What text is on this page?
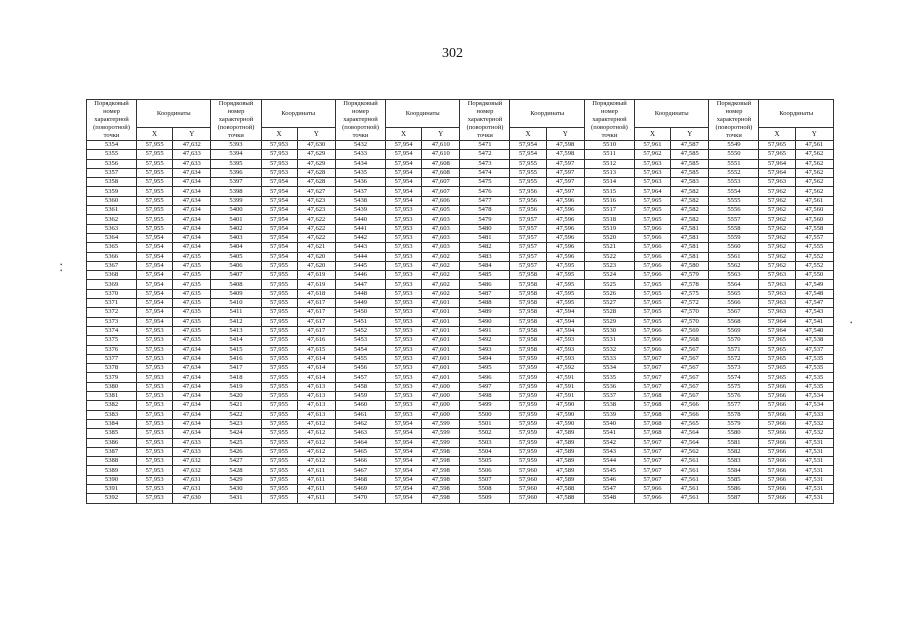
302
Порядковый номер характерной (поворотной) точки	Координаты		Порядковый номер характерной (поворотной) точки	Координаты		Порядковый номер характерной (поворотной) точки	Координаты		Порядковый номер характерной (поворотной) точки	Координаты		Порядковый номер характерной (поворотной) точки	Координаты		Порядковый номер характерной (поворотной) точки	Координаты	
	X	Y		X	Y		X	Y		X	Y		X	Y		X	Y
5354	57,955	47,632	5393	57,953	47,630	5432	57,954	47,610	5471	57,954	47,598	5510	57,961	47,587	5549	57,965	47,561
5355	57,955	47,633	5394	57,953	47,629	5433	57,954	47,610	5472	57,954	47,598	5511	57,962	47,585	5550	57,965	47,562
5356	57,955	47,633	5395	57,953	47,629	5434	57,954	47,608	5473	57,955	47,597	5512	57,963	47,585	5551	57,964	47,562
5357	57,955	47,634	5396	57,953	47,628	5435	57,954	47,608	5474	57,955	47,597	5513	57,963	47,585	5552	57,964	47,562
5358	57,955	47,634	5397	57,954	47,628	5436	57,954	47,607	5475	57,955	47,597	5514	57,963	47,583	5553	57,963	47,562
5359	57,955	47,634	5398	57,954	47,627	5437	57,954	47,607	5476	57,956	47,597	5515	57,964	47,582	5554	57,962	47,562
5360	57,955	47,634	5399	57,954	47,623	5438	57,954	47,606	5477	57,956	47,596	5516	57,965	47,582	5555	57,962	47,561
5361	57,955	47,634	5400	57,954	47,623	5439	57,953	47,605	5478	57,956	47,596	5517	57,965	47,582	5556	57,962	47,560
5362	57,955	47,634	5401	57,954	47,622	5440	57,953	47,603	5479	57,957	47,596	5518	57,965	47,582	5557	57,962	47,560
5363	57,955	47,634	5402	57,954	47,622	5441	57,953	47,603	5480	57,957	47,596	5519	57,966	47,581	5558	57,962	47,558
5364	57,954	47,634	5403	57,954	47,622	5442	57,953	47,603	5481	57,957	47,596	5520	57,966	47,581	5559	57,962	47,557
5365	57,954	47,634	5404	57,954	47,621	5443	57,953	47,603	5482	57,957	47,596	5521	57,966	47,581	5560	57,962	47,555
5366	57,954	47,635	5405	57,954	47,620	5444	57,953	47,602	5483	57,957	47,596	5522	57,966	47,581	5561	57,962	47,552
5367	57,954	47,635	5406	57,955	47,620	5445	57,953	47,602	5484	57,957	47,595	5523	57,966	47,580	5562	57,962	47,552
5368	57,954	47,635	5407	57,955	47,619	5446	57,953	47,602	5485	57,958	47,595	5524	57,966	47,579	5563	57,963	47,550
5369	57,954	47,635	5408	57,955	47,619	5447	57,953	47,602	5486	57,958	47,595	5525	57,965	47,578	5564	57,963	47,549
5370	57,954	47,635	5409	57,955	47,618	5448	57,953	47,602	5487	57,958	47,595	5526	57,965	47,575	5565	57,963	47,548
5371	57,954	47,635	5410	57,955	47,617	5449	57,953	47,601	5488	57,958	47,595	5527	57,965	47,572	5566	57,963	47,547
5372	57,954	47,635	5411	57,955	47,617	5450	57,953	47,601	5489	57,958	47,594	5528	57,965	47,570	5567	57,963	47,543
5373	57,954	47,635	5412	57,955	47,617	5451	57,953	47,601	5490	57,958	47,594	5529	57,965	47,570	5568	57,964	47,541
5374	57,953	47,635	5413	57,955	47,617	5452	57,953	47,601	5491	57,958	47,594	5530	57,966	47,569	5569	57,964	47,540
5375	57,953	47,635	5414	57,955	47,616	5453	57,953	47,601	5492	57,958	47,593	5531	57,966	47,568	5570	57,965	47,538
5376	57,953	47,634	5415	57,955	47,615	5454	57,953	47,601	5493	57,958	47,593	5532	57,966	47,567	5571	57,965	47,537
5377	57,953	47,634	5416	57,955	47,614	5455	57,953	47,601	5494	57,959	47,593	5533	57,967	47,567	5572	57,965	47,535
5378	57,953	47,634	5417	57,955	47,614	5456	57,953	47,601	5495	57,959	47,592	5534	57,967	47,567	5573	57,965	47,535
5379	57,953	47,634	5418	57,955	47,614	5457	57,953	47,601	5496	57,959	47,591	5535	57,967	47,567	5574	57,965	47,535
5380	57,953	47,634	5419	57,955	47,613	5458	57,953	47,600	5497	57,959	47,591	5536	57,967	47,567	5575	57,966	47,535
5381	57,953	47,634	5420	57,955	47,613	5459	57,953	47,600	5498	57,959	47,591	5537	57,968	47,567	5576	57,966	47,534
5382	57,953	47,634	5421	57,955	47,613	5460	57,953	47,600	5499	57,959	47,590	5538	57,968	47,566	5577	57,966	47,534
5383	57,953	47,634	5422	57,955	47,613	5461	57,953	47,600	5500	57,959	47,590	5539	57,968	47,566	5578	57,966	47,533
5384	57,953	47,634	5423	57,955	47,612	5462	57,954	47,599	5501	57,959	47,590	5540	57,968	47,565	5579	57,966	47,532
5385	57,953	47,634	5424	57,955	47,612	5463	57,954	47,599	5502	57,959	47,589	5541	57,968	47,564	5580	57,966	47,532
5386	57,953	47,633	5425	57,955	47,612	5464	57,954	47,599	5503	57,959	47,589	5542	57,967	47,564	5581	57,966	47,531
5387	57,953	47,633	5426	57,955	47,612	5465	57,954	47,598	5504	57,959	47,589	5543	57,967	47,562	5582	57,966	47,531
5388	57,953	47,632	5427	57,955	47,612	5466	57,954	47,598	5505	57,959	47,589	5544	57,967	47,561	5583	57,966	47,531
5389	57,953	47,632	5428	57,955	47,611	5467	57,954	47,598	5506	57,960	47,589	5545	57,967	47,561	5584	57,966	47,531
5390	57,953	47,631	5429	57,955	47,611	5468	57,954	47,598	5507	57,960	47,589	5546	57,967	47,561	5585	57,966	47,531
5391	57,953	47,631	5430	57,955	47,611	5469	57,954	47,598	5508	57,960	47,588	5547	57,966	47,561	5586	57,966	47,531
5392	57,953	47,630	5431	57,955	47,611	5470	57,954	47,598	5509	57,960	47,588	5548	57,966	47,561	5587	57,966	47,531
•
•
•
